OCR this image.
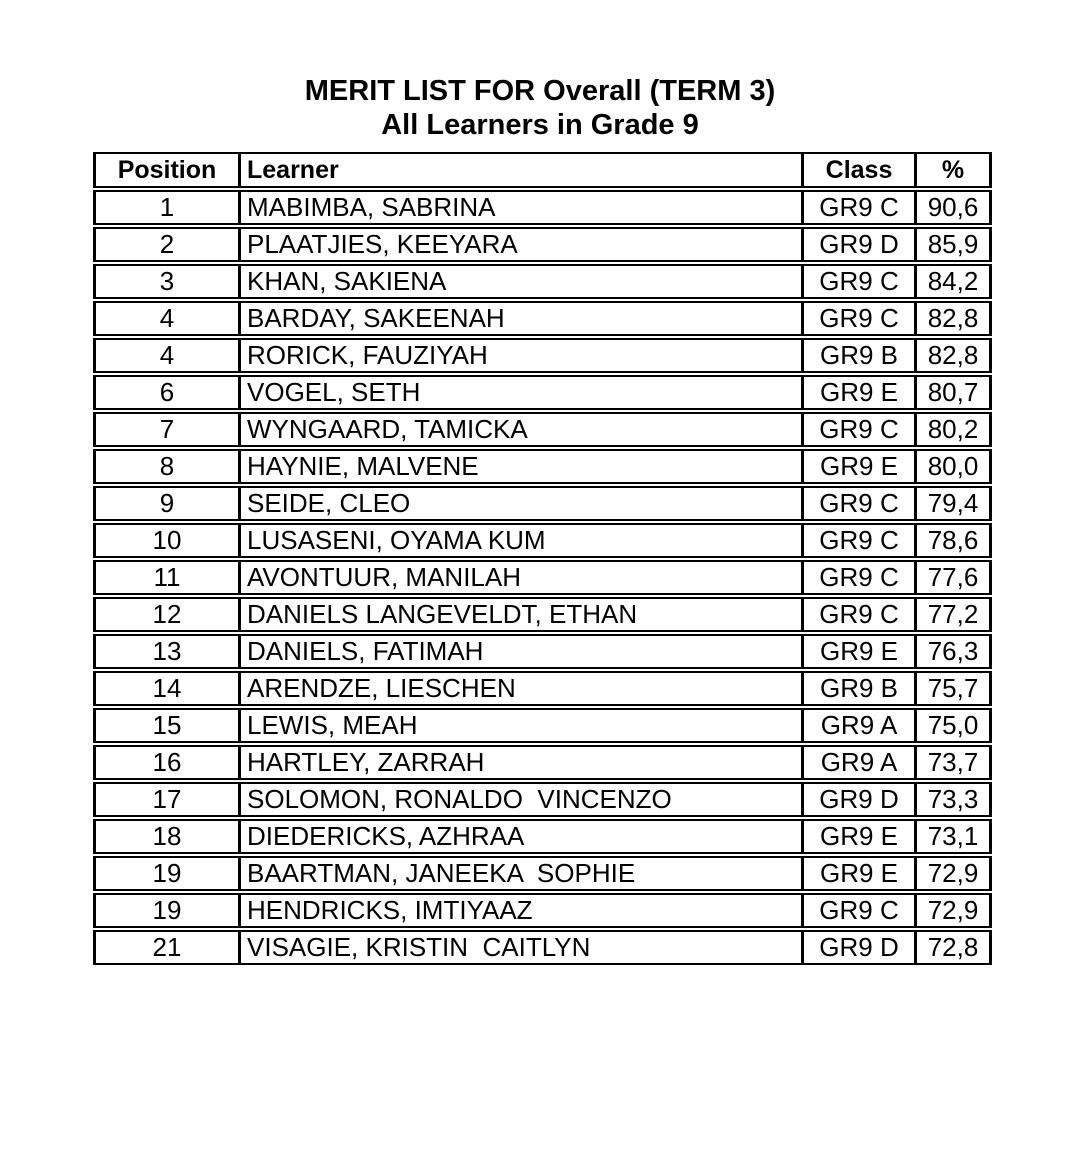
MERIT LIST FOR Overall (TERM 3)
All Learners in Grade 9
Position	Learner	Class	%
1	MABIMBA, SABRINA	GR9 C	90,6
2	PLAATJIES, KEEYARA	GR9 D	85,9
3	KHAN, SAKIENA	GR9 C	84,2
4	BARDAY, SAKEENAH	GR9 C	82,8
4	RORICK, FAUZIYAH	GR9 B	82,8
6	VOGEL, SETH	GR9 E	80,7
7	WYNGAARD, TAMICKA	GR9 C	80,2
8	HAYNIE, MALVENE	GR9 E	80,0
9	SEIDE, CLEO	GR9 C	79,4
10	LUSASENI, OYAMA KUM	GR9 C	78,6
11	AVONTUUR, MANILAH	GR9 C	77,6
12	DANIELS LANGEVELDT, ETHAN	GR9 C	77,2
13	DANIELS, FATIMAH	GR9 E	76,3
14	ARENDZE, LIESCHEN	GR9 B	75,7
15	LEWIS, MEAH	GR9 A	75,0
16	HARTLEY, ZARRAH	GR9 A	73,7
17	SOLOMON, RONALDO  VINCENZO	GR9 D	73,3
18	DIEDERICKS, AZHRAA	GR9 E	73,1
19	BAARTMAN, JANEEKA  SOPHIE	GR9 E	72,9
19	HENDRICKS, IMTIYAAZ	GR9 C	72,9
21	VISAGIE, KRISTIN  CAITLYN	GR9 D	72,8
